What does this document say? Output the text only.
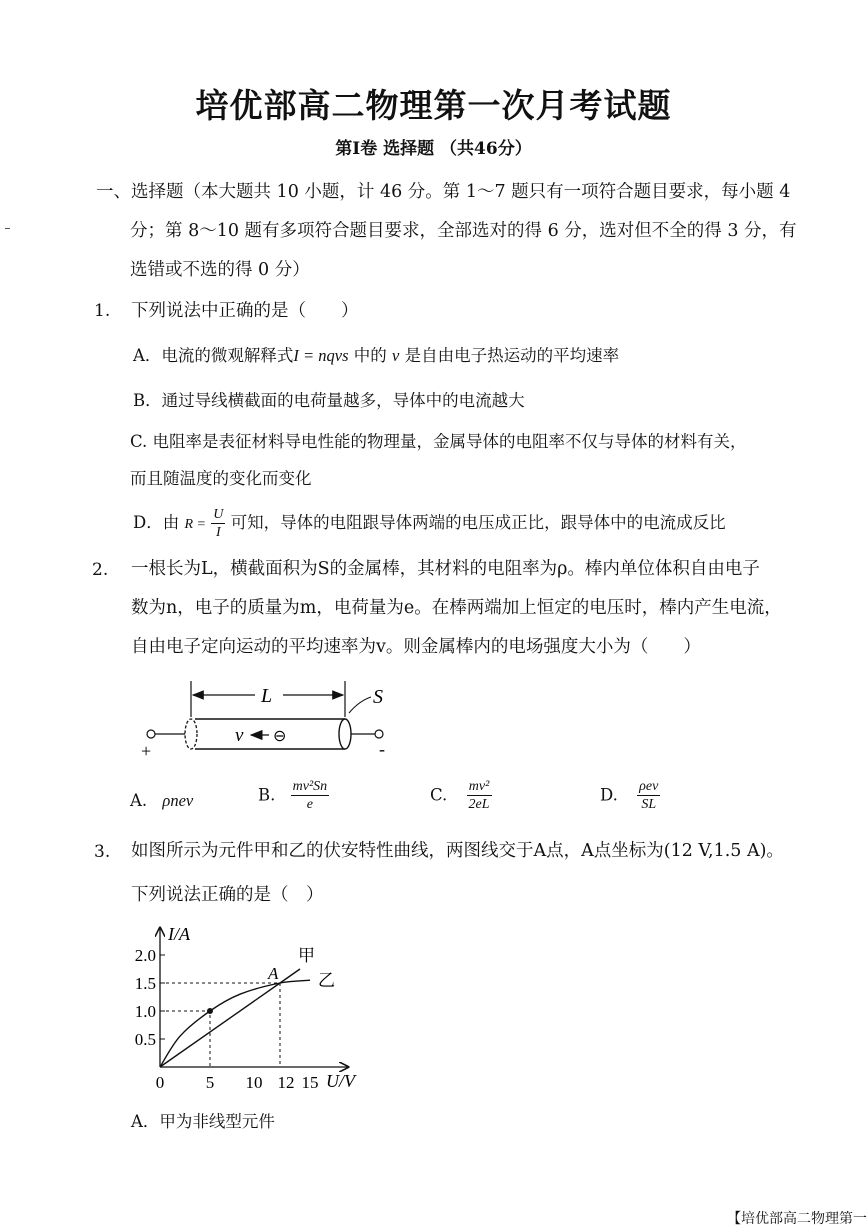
培优部高二物理第一次月考试题
第Ⅰ卷 选择题 （共46分）
一、选择题（本大题共 10 小题，计 46 分。第 1～7 题只有一项符合题目要求，每小题 4
分；第 8～10 题有多项符合题目要求，全部选对的得 6 分，选对但不全的得 3 分，有
选错或不选的得 0 分）
1. 下列说法中正确的是（　　）
A．电流的微观解释式I = nqvs 中的 v 是自由电子热运动的平均速率
B．通过导线横截面的电荷量越多，导体中的电流越大
C. 电阻率是表征材料导电性能的物理量，金属导体的电阻率不仅与导体的材料有关，
而且随温度的变化而变化
D．由 $R = \frac{U}{I}$ 可知，导体的电阻跟导体两端的电压成正比，跟导体中的电流成反比
2. 一根长为L，横截面积为S的金属棒，其材料的电阻率为ρ。棒内单位体积自由电子
数为n，电子的质量为m，电荷量为e。在棒两端加上恒定的电压时，棒内产生电流，
自由电子定向运动的平均速率为v。则金属棒内的电场强度大小为（　　）
L	S
+	-
v ⊖
A. ρnev	B. $\frac{\text{mv²Sn}}{e}$	C. $\frac{\text{mv²}}{2eL}$	D. $\frac{\text{ρev}}{SL}$
3. 如图所示为元件甲和乙的伏安特性曲线，两图线交于A点，A点坐标为(12 V,1.5 A)。
下列说法正确的是（　）
I/A
U/V
0.5
1.0
1.5
2.0
0 5 10 12 15
甲
乙
A
A．甲为非线型元件
【培优部高二物理第一
